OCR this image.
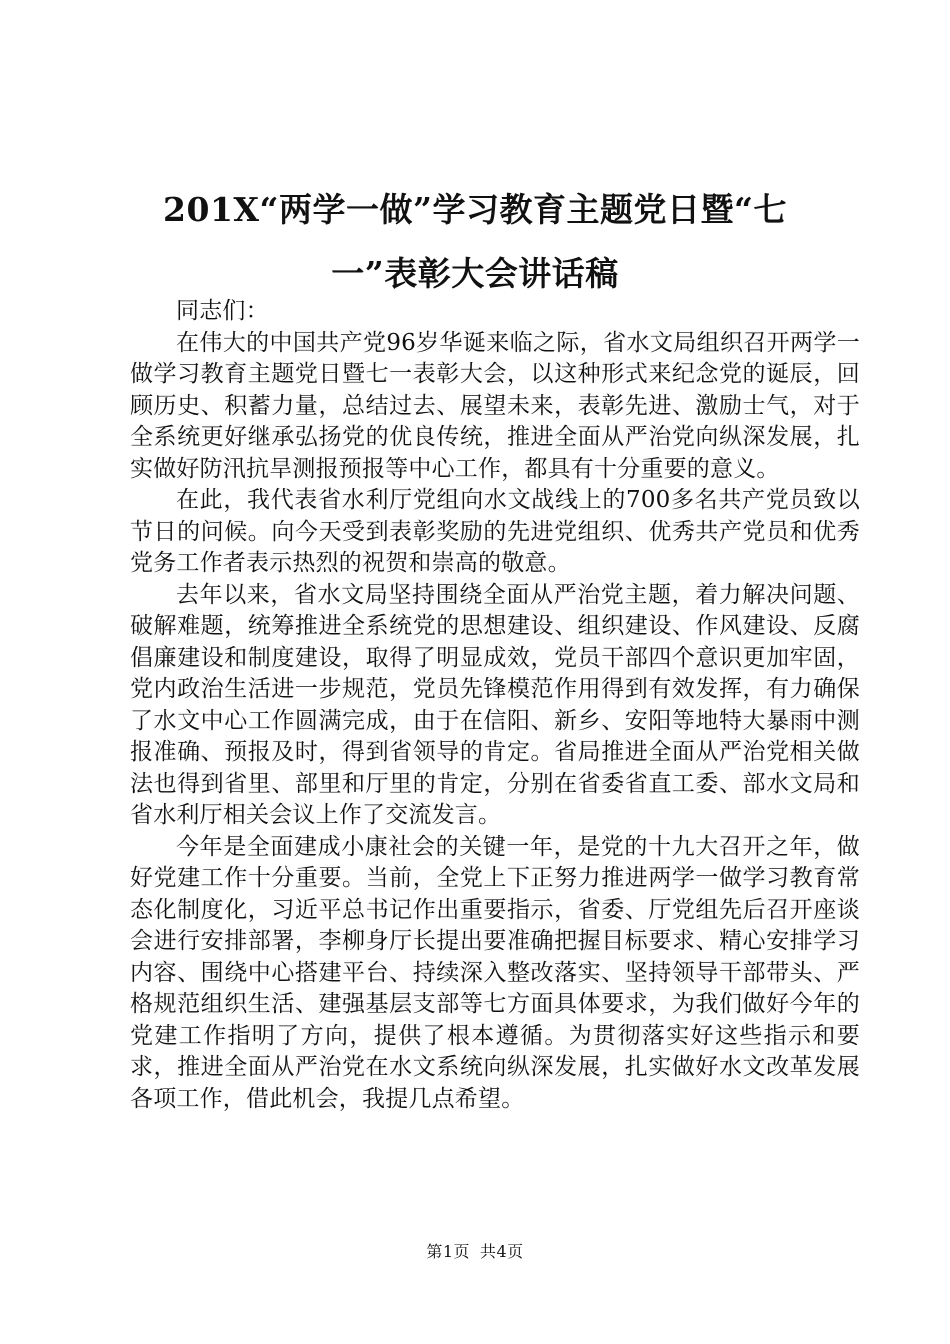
201X“两学一做”学习教育主题党日暨“七
一”表彰大会讲话稿

同志们：

在伟大的中国共产党96岁华诞来临之际，省水文局组织召开两学一做学习教育主题党日暨七一表彰大会，以这种形式来纪念党的诞辰，回顾历史、积蓄力量，总结过去、展望未来，表彰先进、激励士气，对于全系统更好继承弘扬党的优良传统，推进全面从严治党向纵深发展，扎实做好防汛抗旱测报预报等中心工作，都具有十分重要的意义。

在此，我代表省水利厅党组向水文战线上的700多名共产党员致以节日的问候。向今天受到表彰奖励的先进党组织、优秀共产党员和优秀党务工作者表示热烈的祝贺和崇高的敬意。

去年以来，省水文局坚持围绕全面从严治党主题，着力解决问题、破解难题，统筹推进全系统党的思想建设、组织建设、作风建设、反腐倡廉建设和制度建设，取得了明显成效，党员干部四个意识更加牢固，党内政治生活进一步规范，党员先锋模范作用得到有效发挥，有力确保了水文中心工作圆满完成，由于在信阳、新乡、安阳等地特大暴雨中测报准确、预报及时，得到省领导的肯定。省局推进全面从严治党相关做法也得到省里、部里和厅里的肯定，分别在省委省直工委、部水文局和省水利厅相关会议上作了交流发言。

今年是全面建成小康社会的关键一年，是党的十九大召开之年，做好党建工作十分重要。当前，全党上下正努力推进两学一做学习教育常态化制度化，习近平总书记作出重要指示，省委、厅党组先后召开座谈会进行安排部署，李柳身厅长提出要准确把握目标要求、精心安排学习内容、围绕中心搭建平台、持续深入整改落实、坚持领导干部带头、严格规范组织生活、建强基层支部等七方面具体要求，为我们做好今年的党建工作指明了方向，提供了根本遵循。为贯彻落实好这些指示和要求，推进全面从严治党在水文系统向纵深发展，扎实做好水文改革发展各项工作，借此机会，我提几点希望。

第1页 共4页
